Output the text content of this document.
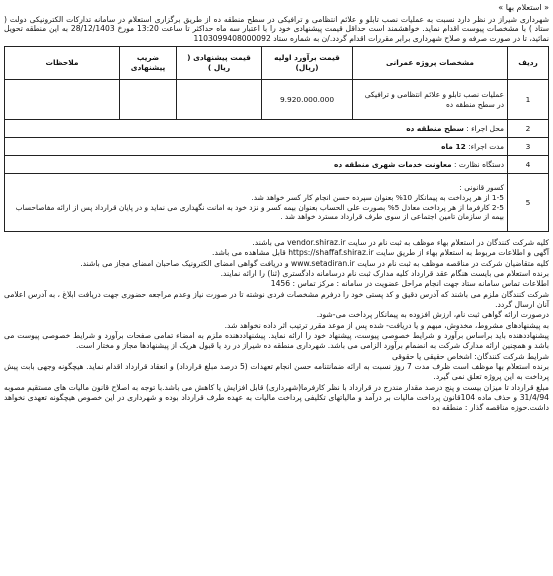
« استعلام بها »
شهرداری شیراز در نظر دارد نسبت به عملیات نصب تابلو و علائم انتظامی و ترافیکی در سطح منطقه ده از طریق برگزاری استعلام در سامانه تدارکات الکترونیکی دولت ( ستاد ) با مشخصات پیوست اقدام نماید. خواهشمند است حداقل قیمت پیشنهادی خود را با اعتبار سه ماه حداکثر تا ساعت 13:20 مورخ 28/12/1403 به این منطقه تحویل نمائید، تا در صورت صرفه و صلاح شهرداری برابر مقررات اقدام گردد./ن به شماره ستاد 1103099408000092
ردیف	مشخصات پروژه عمرانی	قیمت برآورد اولیه (ریال)	قیمت پیشنهادی ( ریال )	ضریب پیشنهادی	ملاحظات
1	عملیات نصب تابلو و علائم انتظامی و ترافیکی در سطح منطقه ده	9.920.000.000			
2	محل اجراء : سطح منطقه ده				
3	مدت اجراء: 12 ماه				
4	دستگاه نظارت : معاونت خدمات شهری منطقه ده				
5	کسور قانونی :
1-5 از هر پرداخت به پیمانکار 10% بعنوان سپرده حسن انجام کار کسر خواهد شد.
2-5 کارفرما از هر پرداخت معادل 5% بصورت علی الحساب بعنوان بیمه کسر و نزد خود به امانت نگهداری می نماید و در پایان قرارداد پس از ارائه مفاصاحساب بیمه از سازمان تامین اجتماعی از سوی طرف قرارداد مسترد خواهد شد .				

کلیه شرکت کنندگان در استعلام بهاء موظف به ثبت نام در سایت vendor.shiraz.ir می باشند.

آگهی و اطلاعات مربوط به استعلام بهاء از طریق سایت https://shaffaf.shiraz.ir قابل مشاهده می باشد.

کلیه متقاضیان شرکت در مناقصه موظف به ثبت نام در سایت www.setadiran.ir و دریافت گواهی امضای الکترونیک صاحبان امضای مجاز می باشند.

برنده استعلام می بایست هنگام عقد قرارداد کلیه مدارک ثبت نام درسامانه دادگستری (ثنا) را ارائه نمایند.

اطلاعات تماس سامانه ستاد جهت انجام مراحل عضویت در سامانه : مرکز تماس : 1456

شرکت کنندگان ملزم می باشند که آدرس دقیق و کد پستی خود را درفرم مشخصات فردی نوشته تا در صورت نیاز وعدم مراجعه حضوری جهت دریافت ابلاغ ، به آدرس اعلامی آنان ارسال گردد.

درصورت ارائه گواهی ثبت نام، ارزش افزوده به پیمانکار پرداخت می-شود.

به پیشنهادهای مشروط، مخدوش، مبهم و یا دریافت- شده پس از موعد مقرر ترتیب اثر داده نخواهد شد.

پیشنهاددهنده باید براساس برآورد و شرایط خصوصی پیوست، پیشنهاد خود را ارائه نماید. پیشنهاددهنده ملزم به امضاء تمامی صفحات برآورد و شرایط خصوصی پیوست می باشد و همچنین ارائه مدارک شرکت به انضمام برآورد الزامی می باشد. شهرداری منطقه ده شیراز در رد یا قبول هریک از پیشنهادها مجاز و مختار است.

شرایط شرکت کنندگان: اشخاص حقیقی یا حقوقی

برنده استعلام بها موظف است ظرف مدت 7 روز نسبت به ارائه ضمانتنامه حسن انجام تعهدات (5 درصد مبلغ قرارداد) و انعقاد قرارداد اقدام نماید. هیچگونه وجهی بابت پیش پرداخت به این پروژه تعلق نمی گیرد.

مبلغ قرارداد تا میزان بیست و پنج درصد مقدار مندرج در قرارداد با نظر کارفرما(شهرداری) قابل افزایش یا کاهش می باشد.با توجه به اصلاح قانون مالیات های مستقیم مصوبه 31/4/94 و حذف ماده 104قانون پرداخت مالیات بر درآمد و مالیاتهای تکلیفی پرداخت مالیات به عهده طرف قرارداد بوده و شهرداری در این خصوص هیچگونه تعهدی نخواهد داشت.حوزه مناقصه گذار : منطقه ده
